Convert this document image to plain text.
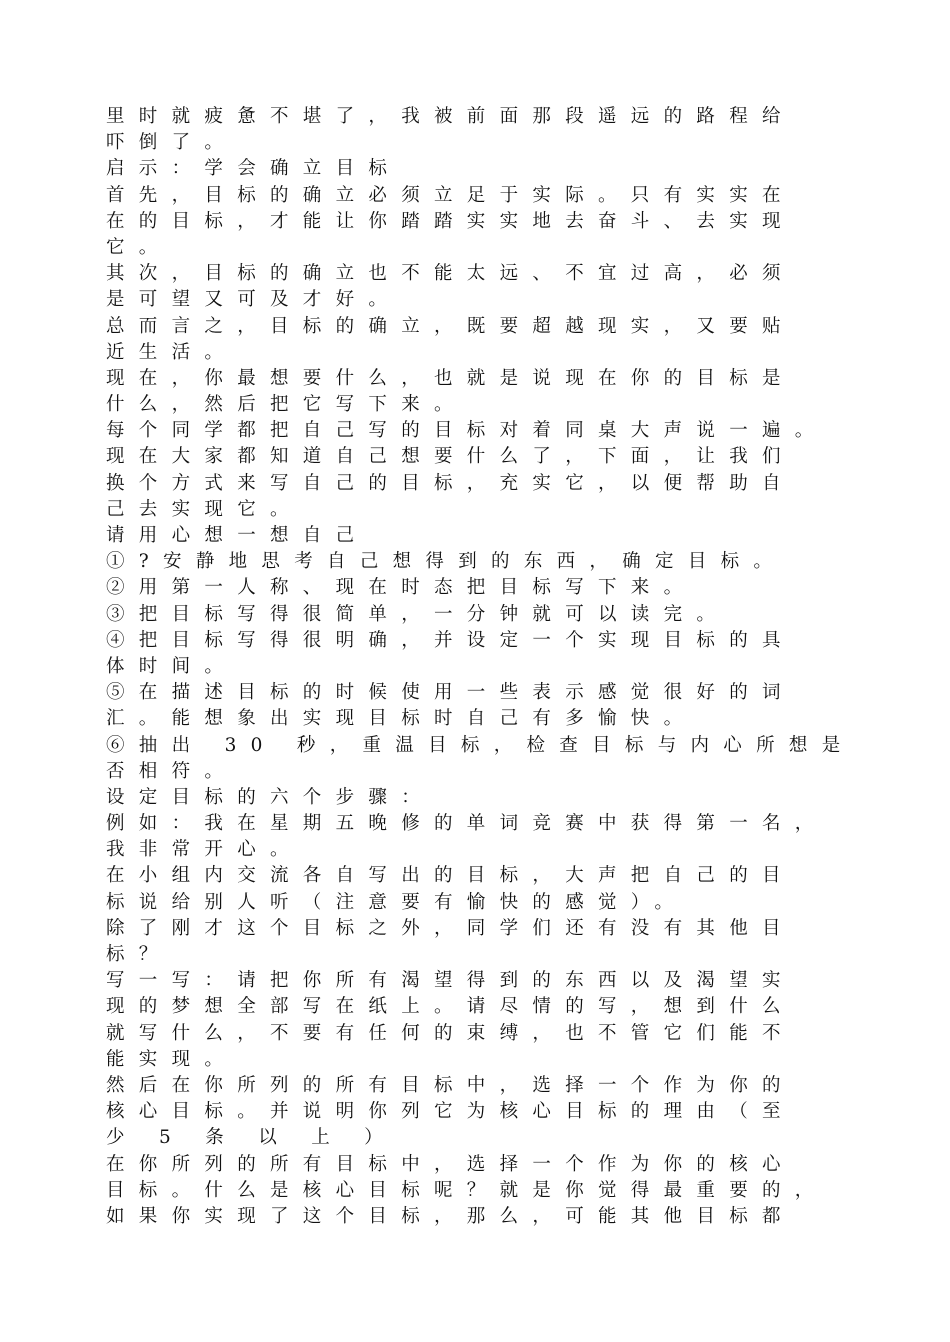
里时就疲惫不堪了，我被前面那段遥远的路程给
吓倒了。
启示：学会确立目标
首先，目标的确立必须立足于实际。只有实实在
在的目标，才能让你踏踏实实地去奋斗、去实现
它。
其次，目标的确立也不能太远、不宜过高，必须
是可望又可及才好。
总而言之，目标的确立，既要超越现实，又要贴
近生活。
现在，你最想要什么，也就是说现在你的目标是
什么，然后把它写下来。
每个同学都把自己写的目标对着同桌大声说一遍。
现在大家都知道自己想要什么了，下面，让我们
换个方式来写自己的目标，充实它，以便帮助自
己去实现它。
请用心想一想自己
①?安静地思考自己想得到的东西，确定目标。
②用第一人称、现在时态把目标写下来。
③把目标写得很简单，一分钟就可以读完。
④把目标写得很明确，并设定一个实现目标的具
体时间。
⑤在描述目标的时候使用一些表示感觉很好的词
汇。能想象出实现目标时自己有多愉快。
⑥抽出 30 秒，重温目标，检查目标与内心所想是
否相符。
设定目标的六个步骤：
例如：我在星期五晚修的单词竞赛中获得第一名，
我非常开心。
在小组内交流各自写出的目标，大声把自己的目
标说给别人听（注意要有愉快的感觉）。
除了刚才这个目标之外，同学们还有没有其他目
标？
写一写：请把你所有渴望得到的东西以及渴望实
现的梦想全部写在纸上。请尽情的写，想到什么
就写什么，不要有任何的束缚，也不管它们能不
能实现。
然后在你所列的所有目标中，选择一个作为你的
核心目标。并说明你列它为核心目标的理由（至
少 5 条 以 上 ）
在你所列的所有目标中，选择一个作为你的核心
目标。什么是核心目标呢？就是你觉得最重要的，
如果你实现了这个目标，那么，可能其他目标都
